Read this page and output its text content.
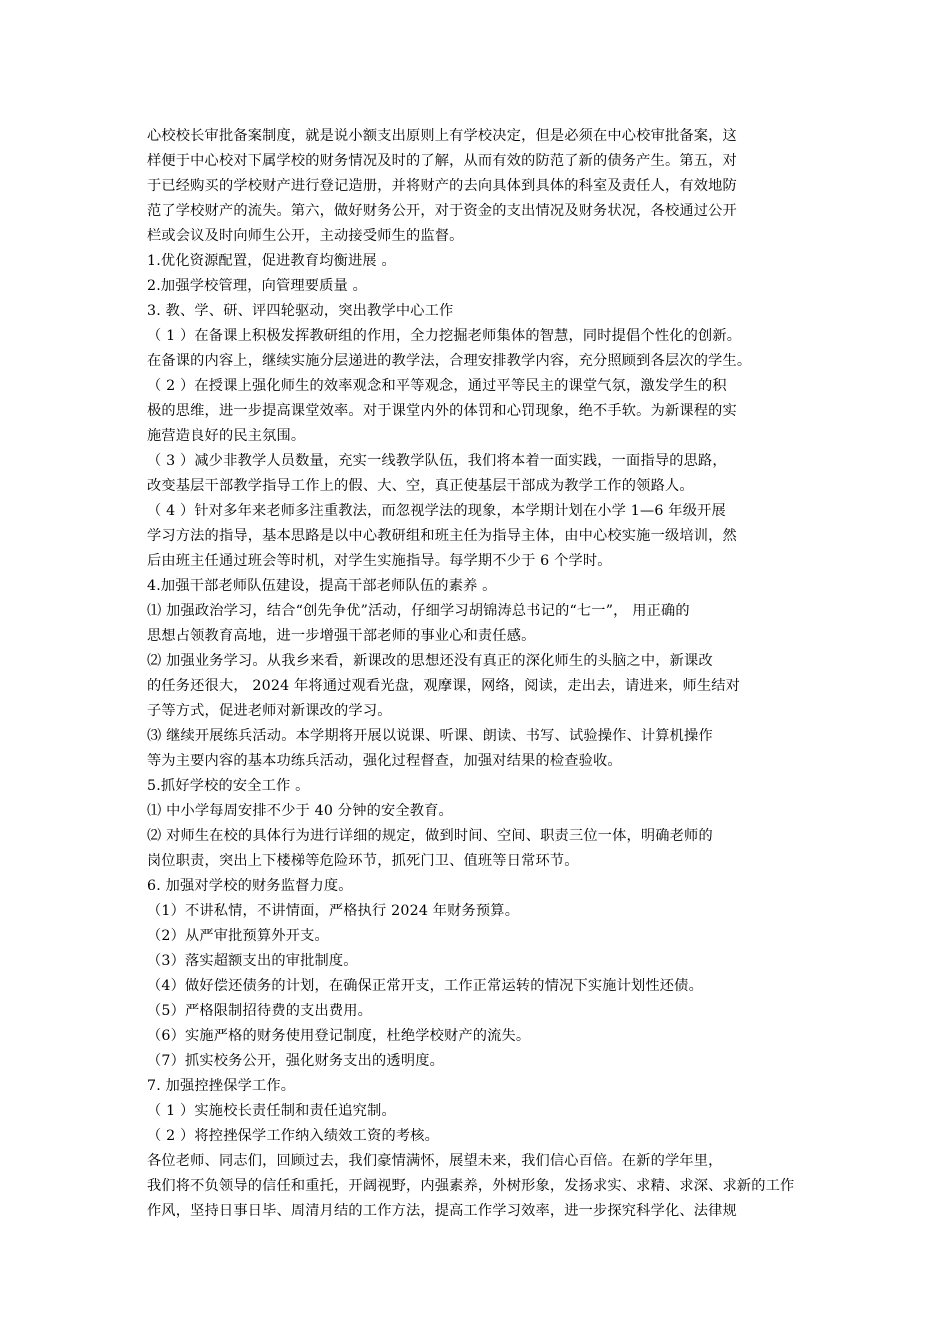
心校校长审批备案制度，就是说小额支出原则上有学校决定，但是必须在中心校审批备案，这
样便于中心校对下属学校的财务情况及时的了解，从而有效的防范了新的债务产生。第五，对
于已经购买的学校财产进行登记造册，并将财产的去向具体到具体的科室及责任人，有效地防
范了学校财产的流失。第六，做好财务公开，对于资金的支出情况及财务状况，各校通过公开
栏或会议及时向师生公开，主动接受师生的监督。
1.优化资源配置，促进教育均衡进展 。
2.加强学校管理，向管理要质量 。
3. 教、学、研、评四轮驱动，突出教学中心工作
（ 1 ）在备课上积极发挥教研组的作用，全力挖掘老师集体的智慧，同时提倡个性化的创新。
在备课的内容上，继续实施分层递进的教学法，合理安排教学内容，充分照顾到各层次的学生。
（ 2 ）在授课上强化师生的效率观念和平等观念，通过平等民主的课堂气氛，激发学生的积
极的思维，进一步提高课堂效率。对于课堂内外的体罚和心罚现象，绝不手软。为新课程的实
施营造良好的民主氛围。
（ 3 ）减少非教学人员数量，充实一线教学队伍，我们将本着一面实践，一面指导的思路，
改变基层干部教学指导工作上的假、大、空，真正使基层干部成为教学工作的领路人。
（ 4 ）针对多年来老师多注重教法，而忽视学法的现象，本学期计划在小学 1—6 年级开展
学习方法的指导，基本思路是以中心教研组和班主任为指导主体，由中心校实施一级培训，然
后由班主任通过班会等时机，对学生实施指导。每学期不少于 6 个学时。
4.加强干部老师队伍建设，提高干部老师队伍的素养 。
⑴ 加强政治学习，结合“创先争优”活动，仔细学习胡锦涛总书记的“七一”， 用正确的
思想占领教育高地，进一步增强干部老师的事业心和责任感。
⑵ 加强业务学习。从我乡来看，新课改的思想还没有真正的深化师生的头脑之中，新课改
的任务还很大， 2024 年将通过观看光盘，观摩课，网络，阅读，走出去，请进来，师生结对
子等方式，促进老师对新课改的学习。
⑶ 继续开展练兵活动。本学期将开展以说课、听课、朗读、书写、试验操作、计算机操作
等为主要内容的基本功练兵活动，强化过程督查，加强对结果的检查验收。
5.抓好学校的安全工作 。
⑴ 中小学每周安排不少于 40 分钟的安全教育。
⑵ 对师生在校的具体行为进行详细的规定，做到时间、空间、职责三位一体，明确老师的
岗位职责，突出上下楼梯等危险环节，抓死门卫、值班等日常环节。
6. 加强对学校的财务监督力度。
（1）不讲私情，不讲情面，严格执行 2024 年财务预算。
（2）从严审批预算外开支。
（3）落实超额支出的审批制度。
（4）做好偿还债务的计划，在确保正常开支，工作正常运转的情况下实施计划性还债。
（5）严格限制招待费的支出费用。
（6）实施严格的财务使用登记制度，杜绝学校财产的流失。
（7）抓实校务公开，强化财务支出的透明度。
7. 加强控挫保学工作。
（ 1 ）实施校长责任制和责任追究制。
（ 2 ）将控挫保学工作纳入绩效工资的考核。
各位老师、同志们，回顾过去，我们豪情满怀，展望未来，我们信心百倍。在新的学年里，
我们将不负领导的信任和重托，开阔视野，内强素养，外树形象，发扬求实、求精、求深、求新的工作
作风，坚持日事日毕、周清月结的工作方法，提高工作学习效率，进一步探究科学化、法律规
